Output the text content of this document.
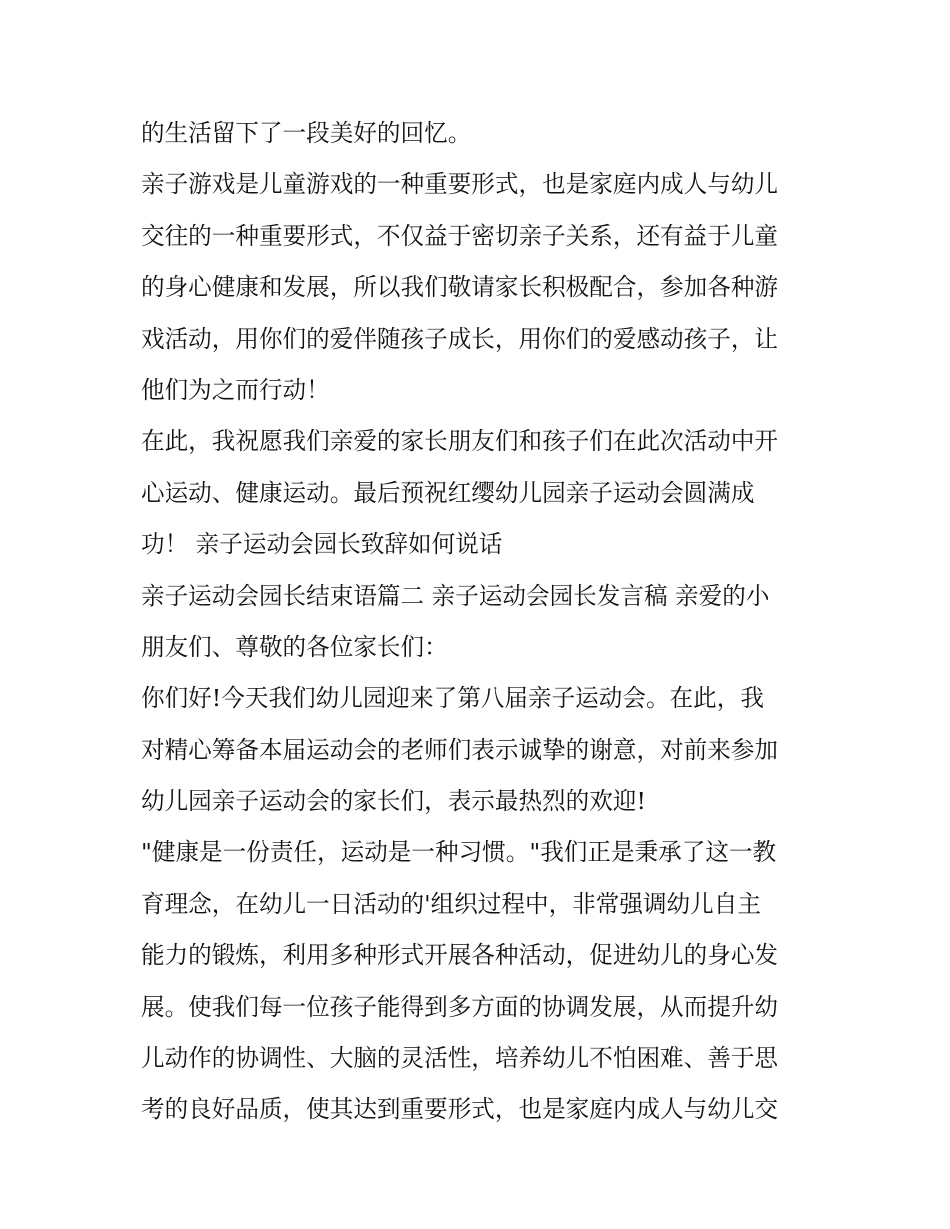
的生活留下了一段美好的回忆。
亲子游戏是儿童游戏的一种重要形式，也是家庭内成人与幼儿
交往的一种重要形式，不仅益于密切亲子关系，还有益于儿童
的身心健康和发展，所以我们敬请家长积极配合，参加各种游
戏活动，用你们的爱伴随孩子成长，用你们的爱感动孩子，让
他们为之而行动！
在此，我祝愿我们亲爱的家长朋友们和孩子们在此次活动中开
心运动、健康运动。最后预祝红缨幼儿园亲子运动会圆满成
功！ 亲子运动会园长致辞如何说话
亲子运动会园长结束语篇二 亲子运动会园长发言稿 亲爱的小
朋友们、尊敬的各位家长们：
你们好!今天我们幼儿园迎来了第八届亲子运动会。在此，我
对精心筹备本届运动会的老师们表示诚挚的谢意，对前来参加
幼儿园亲子运动会的家长们，表示最热烈的欢迎!
"健康是一份责任，运动是一种习惯。"我们正是秉承了这一教
育理念，在幼儿一日活动的'组织过程中，非常强调幼儿自主
能力的锻炼，利用多种形式开展各种活动，促进幼儿的身心发
展。使我们每一位孩子能得到多方面的协调发展，从而提升幼
儿动作的协调性、大脑的灵活性，培养幼儿不怕困难、善于思
考的良好品质，使其达到重要形式，也是家庭内成人与幼儿交
